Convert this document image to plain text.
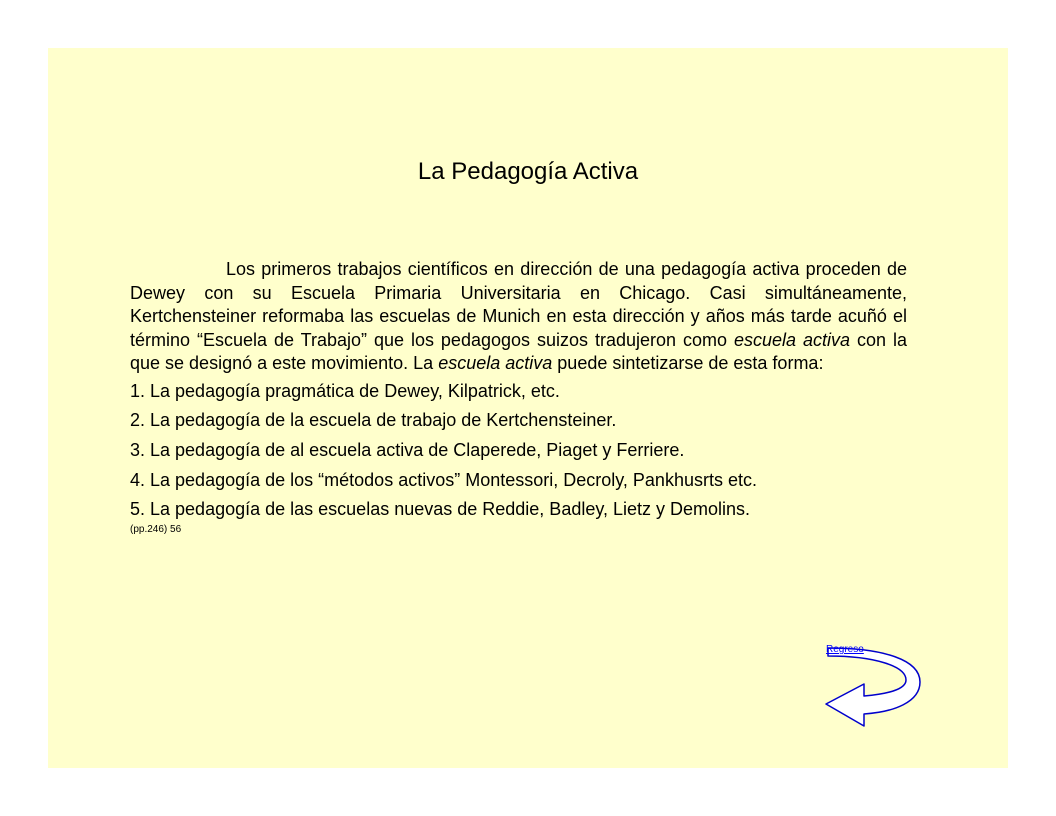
La Pedagogía Activa

Los primeros trabajos científicos en dirección de una pedagogía activa proceden de Dewey con su Escuela Primaria Universitaria en Chicago. Casi simultáneamente, Kertchensteiner reformaba las escuelas de Munich en esta dirección y años más tarde acuñó el término “Escuela de Trabajo” que los pedagogos suizos tradujeron como escuela activa con la que se designó a este movimiento. La escuela activa puede sintetizarse de esta forma:

1. La pedagogía pragmática de Dewey, Kilpatrick, etc.
2. La pedagogía de la escuela de trabajo de Kertchensteiner.
3. La pedagogía de al escuela activa de Claperede, Piaget y Ferriere.
4. La pedagogía de los “métodos activos” Montessori, Decroly, Pankhusrts etc.
5. La pedagogía de las escuelas nuevas de Reddie, Badley, Lietz y Demolins.
(pp.246) 56
Regreso
